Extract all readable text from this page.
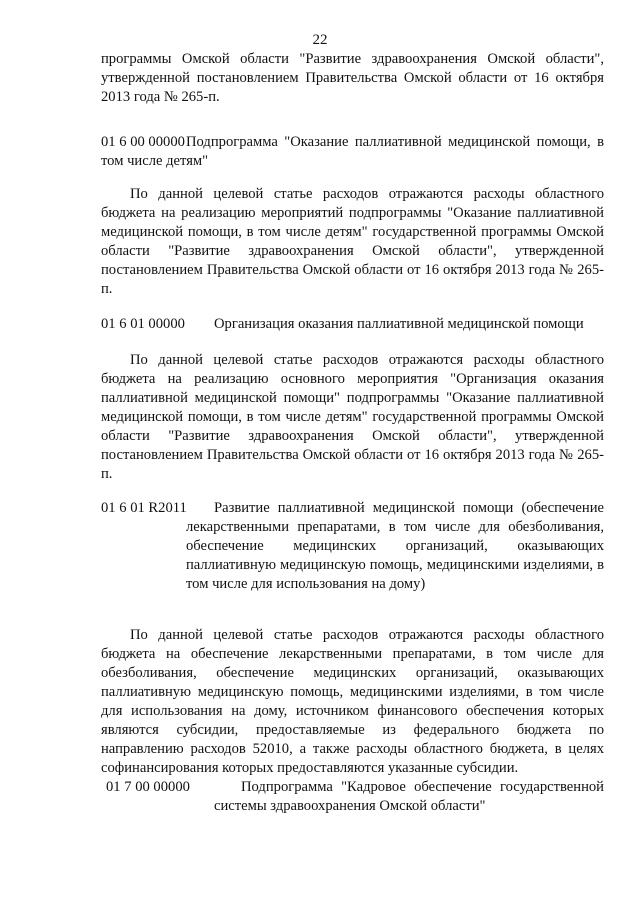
22
программы Омской области "Развитие здравоохранения Омской области", утвержденной постановлением Правительства Омской области от 16 октября 2013 года № 265-п.
01 6 00 00000 Подпрограмма "Оказание паллиативной медицинской помощи, в том числе детям"
По данной целевой статье расходов отражаются расходы областного бюджета на реализацию мероприятий подпрограммы "Оказание паллиативной медицинской помощи, в том числе детям" государственной программы Омской области "Развитие здравоохранения Омской области", утвержденной постановлением Правительства Омской области от 16 октября 2013 года № 265-п.
01 6 01 00000 Организация оказания паллиативной медицинской помощи
По данной целевой статье расходов отражаются расходы областного бюджета на реализацию основного мероприятия "Организация оказания паллиативной медицинской помощи" подпрограммы "Оказание паллиативной медицинской помощи, в том числе детям" государственной программы Омской области "Развитие здравоохранения Омской области", утвержденной постановлением Правительства Омской области от 16 октября 2013 года № 265-п.
01 6 01 R2011	Развитие паллиативной медицинской помощи (обеспечение лекарственными препаратами, в том числе для обезболивания, обеспечение медицинских организаций, оказывающих паллиативную медицинскую помощь, медицинскими изделиями, в том числе для использования на дому)
По данной целевой статье расходов отражаются расходы областного бюджета на обеспечение лекарственными препаратами, в том числе для обезболивания, обеспечение медицинских организаций, оказывающих паллиативную медицинскую помощь, медицинскими изделиями, в том числе для использования на дому, источником финансового обеспечения которых являются субсидии, предоставляемые из федерального бюджета по направлению расходов 52010, а также расходы областного бюджета, в целях софинансирования которых предоставляются указанные субсидии.
01 7 00 00000	Подпрограмма "Кадровое обеспечение государственной системы здравоохранения Омской области"
